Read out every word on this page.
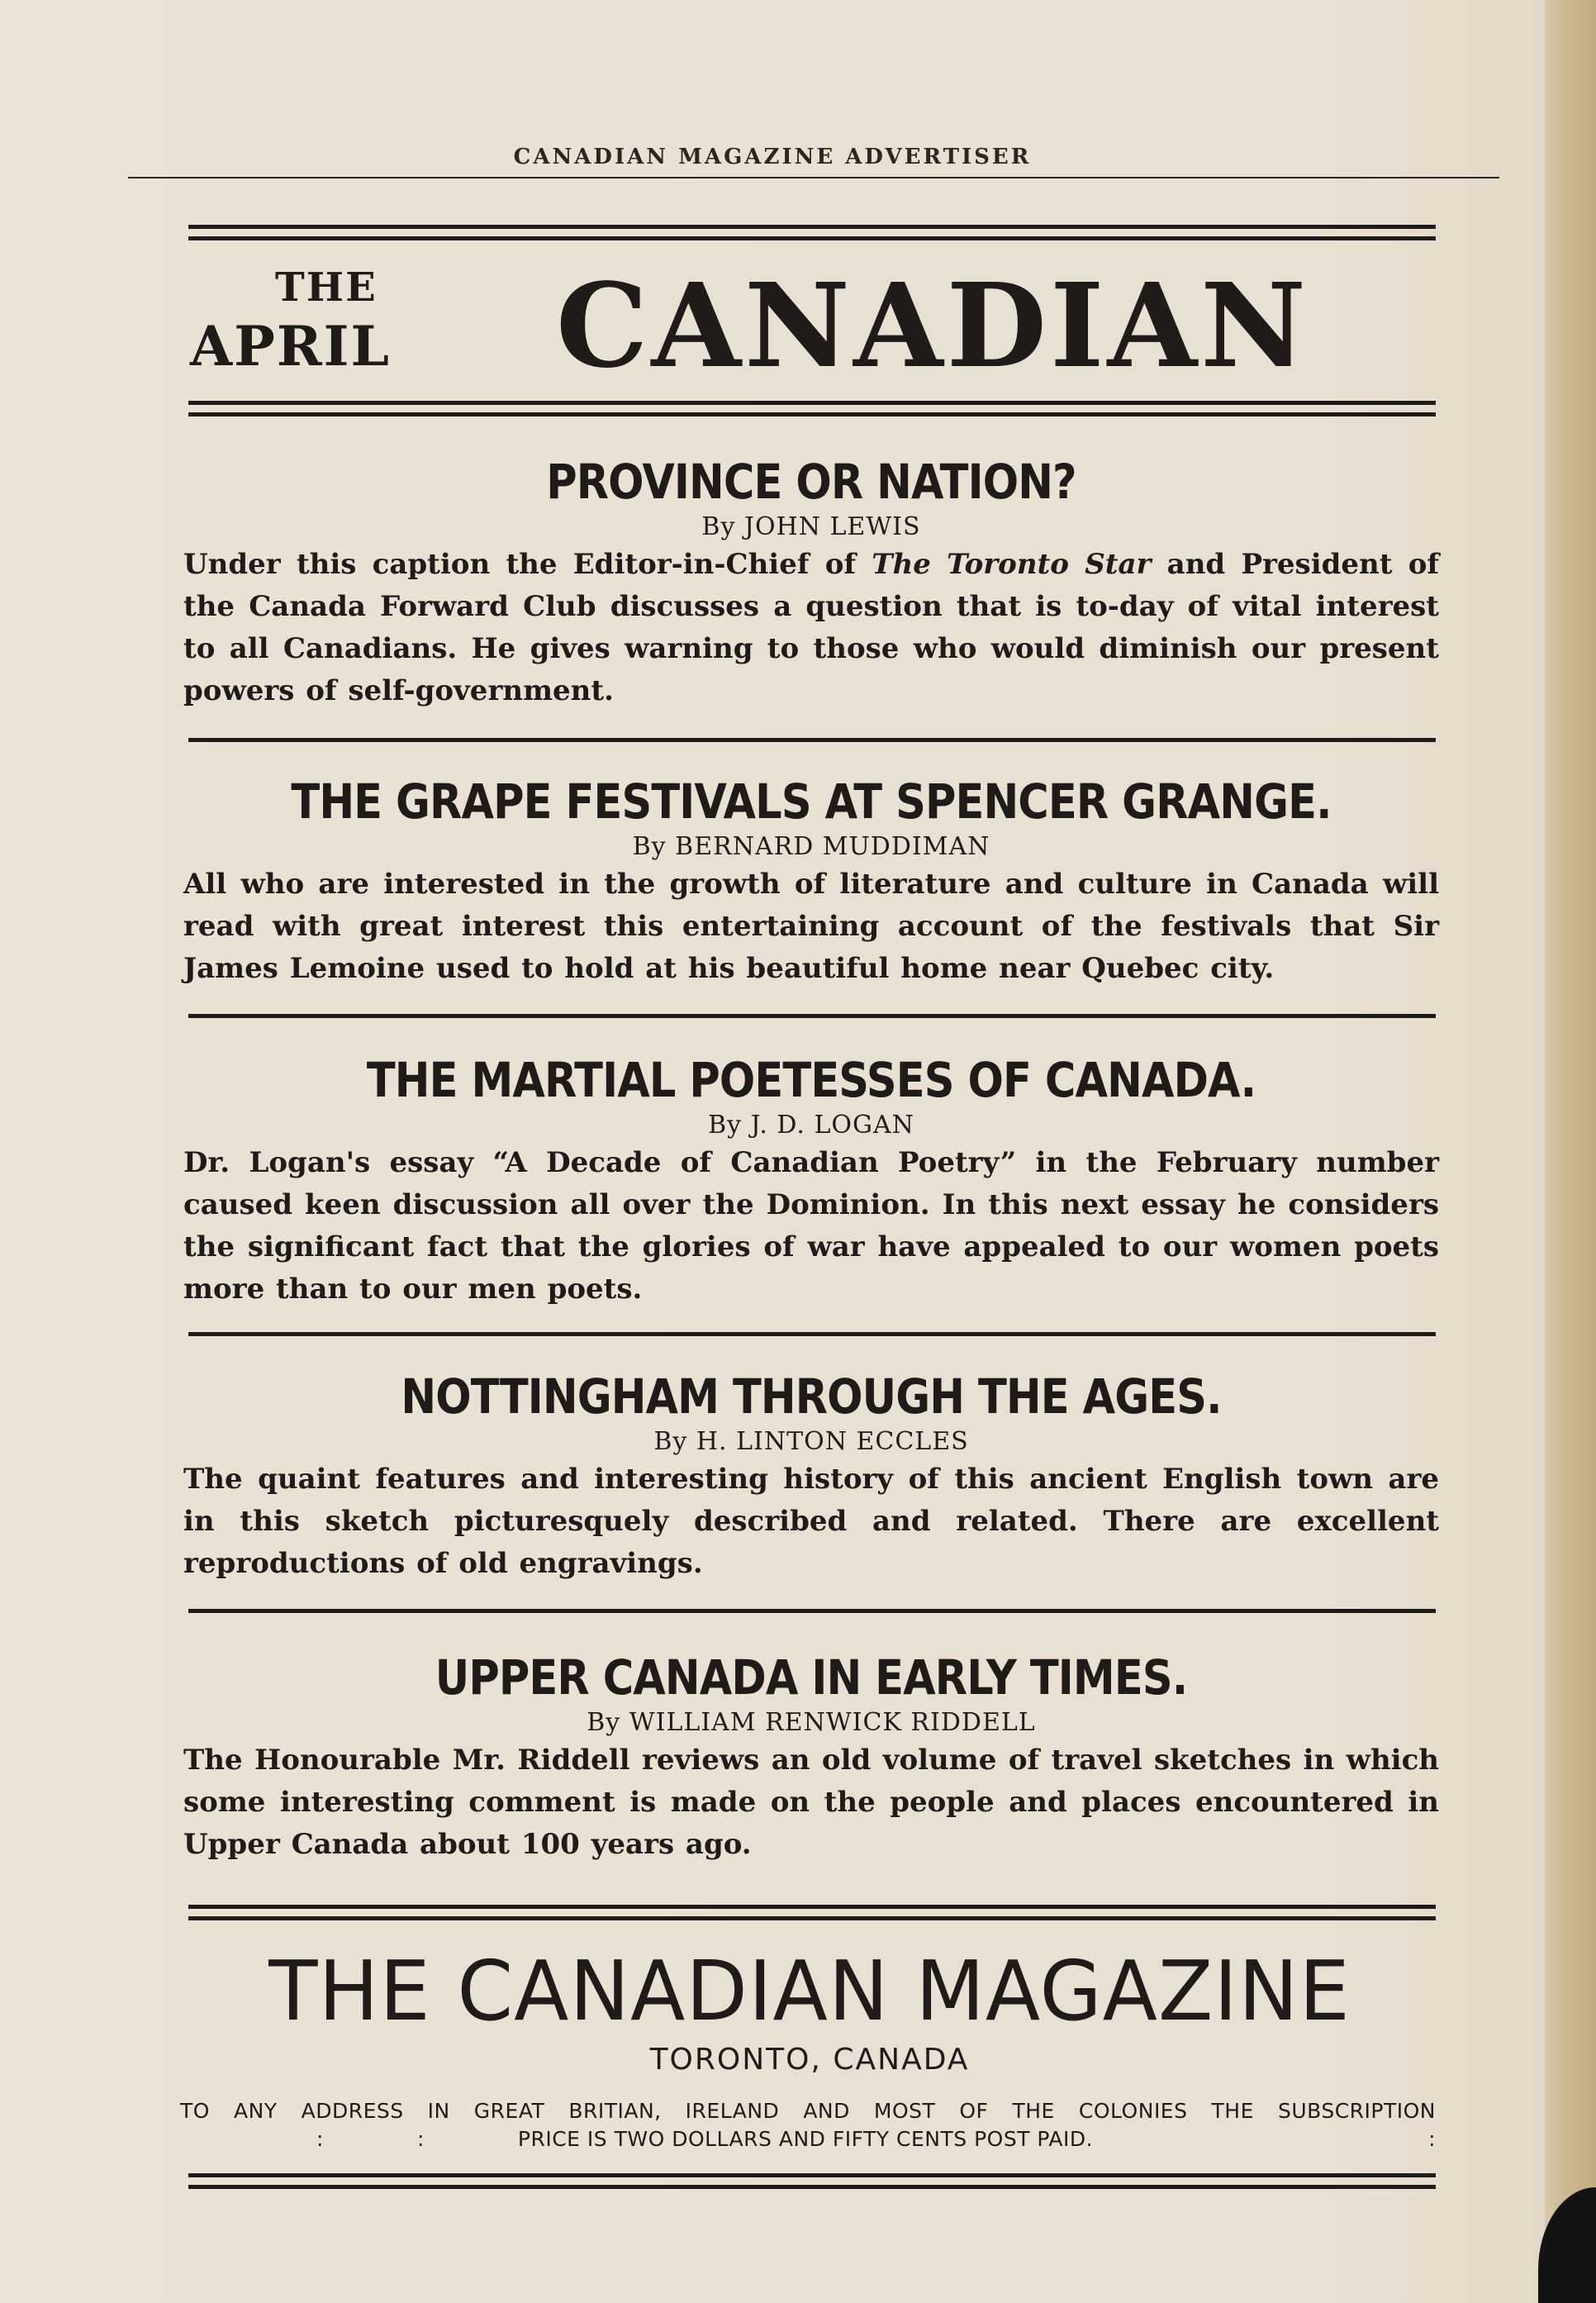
CANADIAN MAGAZINE ADVERTISER
THE
APRIL CANADIAN
PROVINCE OR NATION?
By JOHN LEWIS
Under this caption the Editor-in-Chief of The Toronto Star and President of the Canada Forward Club discusses a question that is to-day of vital interest to all Canadians. He gives warning to those who would diminish our present powers of self-government.
THE GRAPE FESTIVALS AT SPENCER GRANGE.
By BERNARD MUDDIMAN
All who are interested in the growth of literature and culture in Canada will read with great interest this entertaining account of the festivals that Sir James Lemoine used to hold at his beautiful home near Quebec city.
THE MARTIAL POETESSES OF CANADA.
By J. D. LOGAN
Dr. Logan's essay “A Decade of Canadian Poetry” in the February number caused keen discussion all over the Dominion. In this next essay he considers the significant fact that the glories of war have appealed to our women poets more than to our men poets.
NOTTINGHAM THROUGH THE AGES.
By H. LINTON ECCLES
The quaint features and interesting history of this ancient English town are in this sketch picturesquely described and related. There are excellent reproductions of old engravings.
UPPER CANADA IN EARLY TIMES.
By WILLIAM RENWICK RIDDELL
The Honourable Mr. Riddell reviews an old volume of travel sketches in which some interesting comment is made on the people and places encountered in Upper Canada about 100 years ago.
THE CANADIAN MAGAZINE
TORONTO, CANADA
TO ANY ADDRESS IN GREAT BRITIAN, IRELAND AND MOST OF THE COLONIES THE SUBSCRIPTION
:	:	PRICE IS TWO DOLLARS AND FIFTY CENTS POST PAID.	:
